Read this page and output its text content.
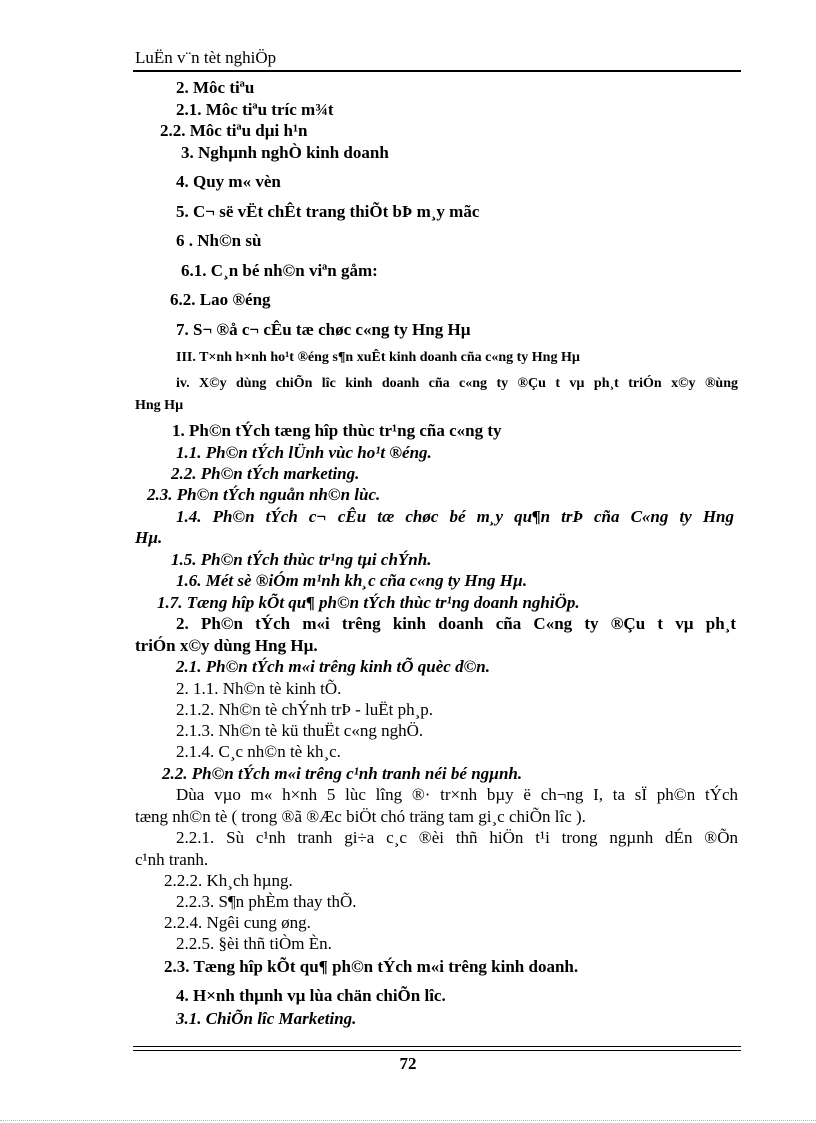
LuËn v¨n tèt nghiÖp
2. Môc tiªu
2.1. Môc tiªu tríc m¾t
2.2. Môc tiªu dµi h¹n
3. Nghµnh nghÒ kinh doanh
4. Quy m« vèn
5. C¬ së vËt chÊt trang thiÕt bÞ m¸y mãc
6 . Nh©n sù
6.1. C¸n bé nh©n viªn gåm:
6.2. Lao ®éng
7. S¬ ®å c¬ cÊu tæ chøc c«ng ty Hng Hµ
III. T×nh h×nh ho¹t ®éng s¶n xuÊt kinh doanh cña c«ng ty Hng Hµ
iv. X©y dùng chiÕn lîc kinh doanh cña c«ng ty ®Çu t vµ ph¸t triÓn x©y ®ùng
Hng Hµ
1. Ph©n tÝch tæng hîp thùc tr¹ng cña c«ng ty
1.1. Ph©n tÝch lÜnh vùc ho¹t ®éng.
2.2. Ph©n tÝch marketing.
2.3. Ph©n tÝch nguån nh©n lùc.
1.4. Ph©n tÝch c¬ cÊu tæ chøc bé m¸y qu¶n trÞ cña C«ng ty Hng
Hµ.
1.5. Ph©n tÝch thùc tr¹ng tµi chÝnh.
1.6. Mét sè ®iÓm m¹nh kh¸c cña c«ng ty Hng Hµ.
1.7. Tæng hîp kÕt qu¶ ph©n tÝch thùc tr¹ng doanh nghiÖp.
2. Ph©n tÝch m«i trêng kinh doanh cña C«ng ty ®Çu t vµ ph¸t
triÓn x©y dùng Hng Hµ.
2.1. Ph©n tÝch m«i trêng kinh tÕ quèc d©n.
2. 1.1. Nh©n tè kinh tÕ.
2.1.2. Nh©n tè chÝnh trÞ - luËt ph¸p.
2.1.3. Nh©n tè kü thuËt c«ng nghÖ.
2.1.4. C¸c nh©n tè kh¸c.
2.2. Ph©n tÝch m«i trêng c¹nh tranh néi bé ngµnh.
Dùa vµo m« h×nh 5 lùc lîng ®· tr×nh bµy ë ch¬ng I, ta sÏ ph©n tÝch
tæng nh©n tè ( trong ®ã ®Æc biÖt chó träng tam gi¸c chiÕn lîc ).
2.2.1. Sù c¹nh tranh gi÷a c¸c ®èi thñ hiÖn t¹i trong ngµnh dÉn ®Õn
c¹nh tranh.
2.2.2. Kh¸ch hµng.
2.2.3. S¶n phÈm thay thÕ.
2.2.4. Ngêi cung øng.
2.2.5. §èi thñ tiÒm Èn.
2.3. Tæng hîp kÕt qu¶ ph©n tÝch m«i trêng kinh doanh.
4. H×nh thµnh vµ lùa chän chiÕn lîc.
3.1. ChiÕn lîc Marketing.
72
